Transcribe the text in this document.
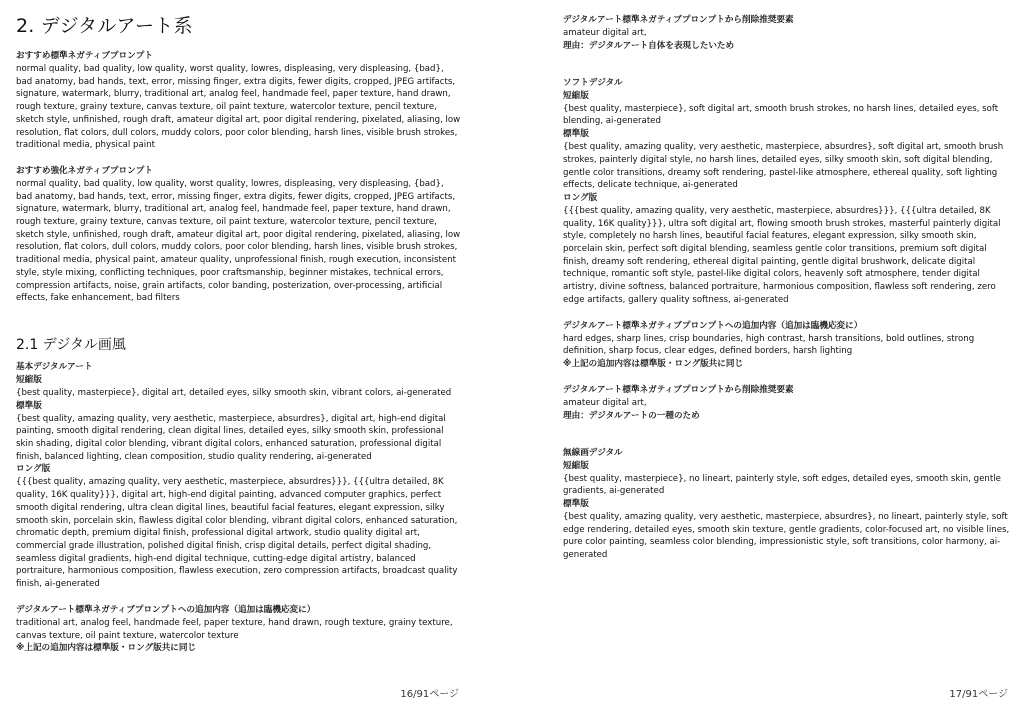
2. デジタルアート系

おすすめ標準ネガティブプロンプト

normal quality, bad quality, low quality, worst quality, lowres, displeasing, very displeasing, {bad}, bad anatomy, bad hands, text, error, missing finger, extra digits, fewer digits, cropped, JPEG artifacts, signature, watermark, blurry, traditional art, analog feel, handmade feel, paper texture, hand drawn, rough texture, grainy texture, canvas texture, oil paint texture, watercolor texture, pencil texture, sketch style, unfinished, rough draft, amateur digital art, poor digital rendering, pixelated, aliasing, low resolution, flat colors, dull colors, muddy colors, poor color blending, harsh lines, visible brush strokes, traditional media, physical paint

おすすめ強化ネガティブプロンプト

normal quality, bad quality, low quality, worst quality, lowres, displeasing, very displeasing, {bad}, bad anatomy, bad hands, text, error, missing finger, extra digits, fewer digits, cropped, JPEG artifacts, signature, watermark, blurry, traditional art, analog feel, handmade feel, paper texture, hand drawn, rough texture, grainy texture, canvas texture, oil paint texture, watercolor texture, pencil texture, sketch style, unfinished, rough draft, amateur digital art, poor digital rendering, pixelated, aliasing, low resolution, flat colors, dull colors, muddy colors, poor color blending, harsh lines, visible brush strokes, traditional media, physical paint, amateur quality, unprofessional finish, rough execution, inconsistent style, style mixing, conflicting techniques, poor craftsmanship, beginner mistakes, technical errors, compression artifacts, noise, grain artifacts, color banding, posterization, over-processing, artificial effects, fake enhancement, bad filters

2.1 デジタル画風

基本デジタルアート

短縮版

{best quality, masterpiece}, digital art, detailed eyes, silky smooth skin, vibrant colors, ai-generated

標準版

{best quality, amazing quality, very aesthetic, masterpiece, absurdres}, digital art, high-end digital painting, smooth digital rendering, clean digital lines, detailed eyes, silky smooth skin, professional skin shading, digital color blending, vibrant digital colors, enhanced saturation, professional digital finish, balanced lighting, clean composition, studio quality rendering, ai-generated

ロング版

{{{best quality, amazing quality, very aesthetic, masterpiece, absurdres}}}, {{{ultra detailed, 8K quality, 16K quality}}}, digital art, high-end digital painting, advanced computer graphics, perfect smooth digital rendering, ultra clean digital lines, beautiful facial features, elegant expression, silky smooth skin, porcelain skin, flawless digital color blending, vibrant digital colors, enhanced saturation, chromatic depth, premium digital finish, professional digital artwork, studio quality digital art, commercial grade illustration, polished digital finish, crisp digital details, perfect digital shading, seamless digital gradients, high-end digital technique, cutting-edge digital artistry, balanced portraiture, harmonious composition, flawless execution, zero compression artifacts, broadcast quality finish, ai-generated

デジタルアート標準ネガティブプロンプトへの追加内容（追加は臨機応変に）

traditional art, analog feel, handmade feel, paper texture, hand drawn, rough texture, grainy texture, canvas texture, oil paint texture, watercolor texture

※上記の追加内容は標準版・ロング版共に同じ

16/91ページ

デジタルアート標準ネガティブプロンプトから削除推奨要素

amateur digital art,

理由：デジタルアート自体を表現したいため

ソフトデジタル

短縮版

{best quality, masterpiece}, soft digital art, smooth brush strokes, no harsh lines, detailed eyes, soft blending, ai-generated

標準版

{best quality, amazing quality, very aesthetic, masterpiece, absurdres}, soft digital art, smooth brush strokes, painterly digital style, no harsh lines, detailed eyes, silky smooth skin, soft digital blending, gentle color transitions, dreamy soft rendering, pastel-like atmosphere, ethereal quality, soft lighting effects, delicate technique, ai-generated

ロング版

{{{best quality, amazing quality, very aesthetic, masterpiece, absurdres}}}, {{{ultra detailed, 8K quality, 16K quality}}}, ultra soft digital art, flowing smooth brush strokes, masterful painterly digital style, completely no harsh lines, beautiful facial features, elegant expression, silky smooth skin, porcelain skin, perfect soft digital blending, seamless gentle color transitions, premium soft digital finish, dreamy soft rendering, ethereal digital painting, gentle digital brushwork, delicate digital technique, romantic soft style, pastel-like digital colors, heavenly soft atmosphere, tender digital artistry, divine softness, balanced portraiture, harmonious composition, flawless soft rendering, zero edge artifacts, gallery quality softness, ai-generated

デジタルアート標準ネガティブプロンプトへの追加内容（追加は臨機応変に）

hard edges, sharp lines, crisp boundaries, high contrast, harsh transitions, bold outlines, strong definition, sharp focus, clear edges, defined borders, harsh lighting

※上記の追加内容は標準版・ロング版共に同じ

デジタルアート標準ネガティブプロンプトから削除推奨要素

amateur digital art,

理由：デジタルアートの一種のため

無線画デジタル

短縮版

{best quality, masterpiece}, no lineart, painterly style, soft edges, detailed eyes, smooth skin, gentle gradients, ai-generated

標準版

{best quality, amazing quality, very aesthetic, masterpiece, absurdres}, no lineart, painterly style, soft edge rendering, detailed eyes, smooth skin texture, gentle gradients, color-focused art, no visible lines, pure color painting, seamless color blending, impressionistic style, soft transitions, color harmony, ai-generated

17/91ページ
